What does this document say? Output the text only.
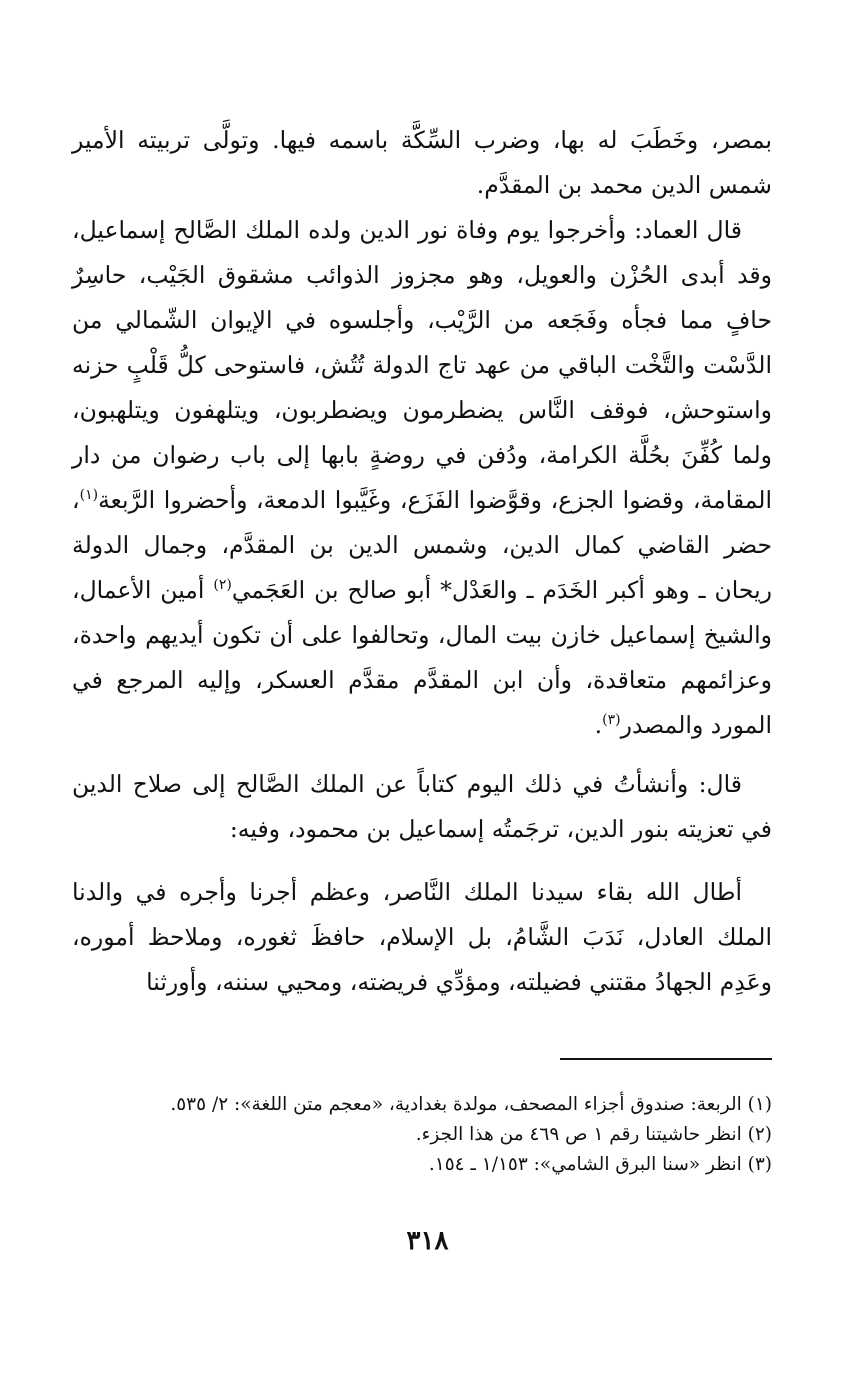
بمصر، وخَطَبَ له بها، وضرب السِّكَّة باسمه فيها. وتولَّى تربيته الأمير شمس الدين محمد بن المقدَّم.

قال العماد: وأخرجوا يوم وفاة نور الدين ولده الملك الصَّالح إسماعيل، وقد أبدى الحُزْن والعويل، وهو مجزوز الذوائب مشقوق الجَيْب، حاسِرٌ حافٍ مما فجأه وفَجَعه من الرَّيْب، وأجلسوه في الإيوان الشّمالي من الدَّسْت والتَّخْت الباقي من عهد تاج الدولة تُتُش، فاستوحى كلُّ قَلْبٍ حزنه واستوحش، فوقف النَّاس يضطرمون ويضطربون، ويتلهفون ويتلهبون، ولما كُفِّنَ بحُلَّة الكرامة، ودُفن في روضةٍ بابها إلى باب رضوان من دار المقامة، وقضوا الجزع، وقوَّضوا الفَزَع، وغَيَّبوا الدمعة، وأحضروا الرَّبعة$^{(١)}$، حضر القاضي كمال الدين، وشمس الدين بن المقدَّم، وجمال الدولة ريحان ـ وهو أكبر الخَدَم ـ والعَدْل* أبو صالح بن العَجَمي$^{(٢)}$ أمين الأعمال، والشيخ إسماعيل خازن بيت المال، وتحالفوا على أن تكون أيديهم واحدة، وعزائمهم متعاقدة، وأن ابن المقدَّم مقدَّم العسكر، وإليه المرجع في المورد والمصدر$^{(٣)}$.

قال: وأنشأتُ في ذلك اليوم كتاباً عن الملك الصَّالح إلى صلاح الدين في تعزيته بنور الدين، ترجَمتُه إسماعيل بن محمود، وفيه:

أطال الله بقاء سيدنا الملك النَّاصر، وعظم أجرنا وأجره في والدنا الملك العادل، نَدَبَ الشَّامُ، بل الإسلام، حافظَ ثغوره، وملاحظ أموره، وعَدِم الجهادُ مقتني فضيلته، ومؤدِّي فريضته، ومحيي سننه، وأورثنا

(١) الربعة: صندوق أجزاء المصحف، مولدة بغدادية، «معجم متن اللغة»: ٢/ ٥٣٥.
(٢) انظر حاشيتنا رقم ١ ص ٤٦٩ من هذا الجزء.
(٣) انظر «سنا البرق الشامي»: ١/١٥٣ ـ ١٥٤.
٣١٨
